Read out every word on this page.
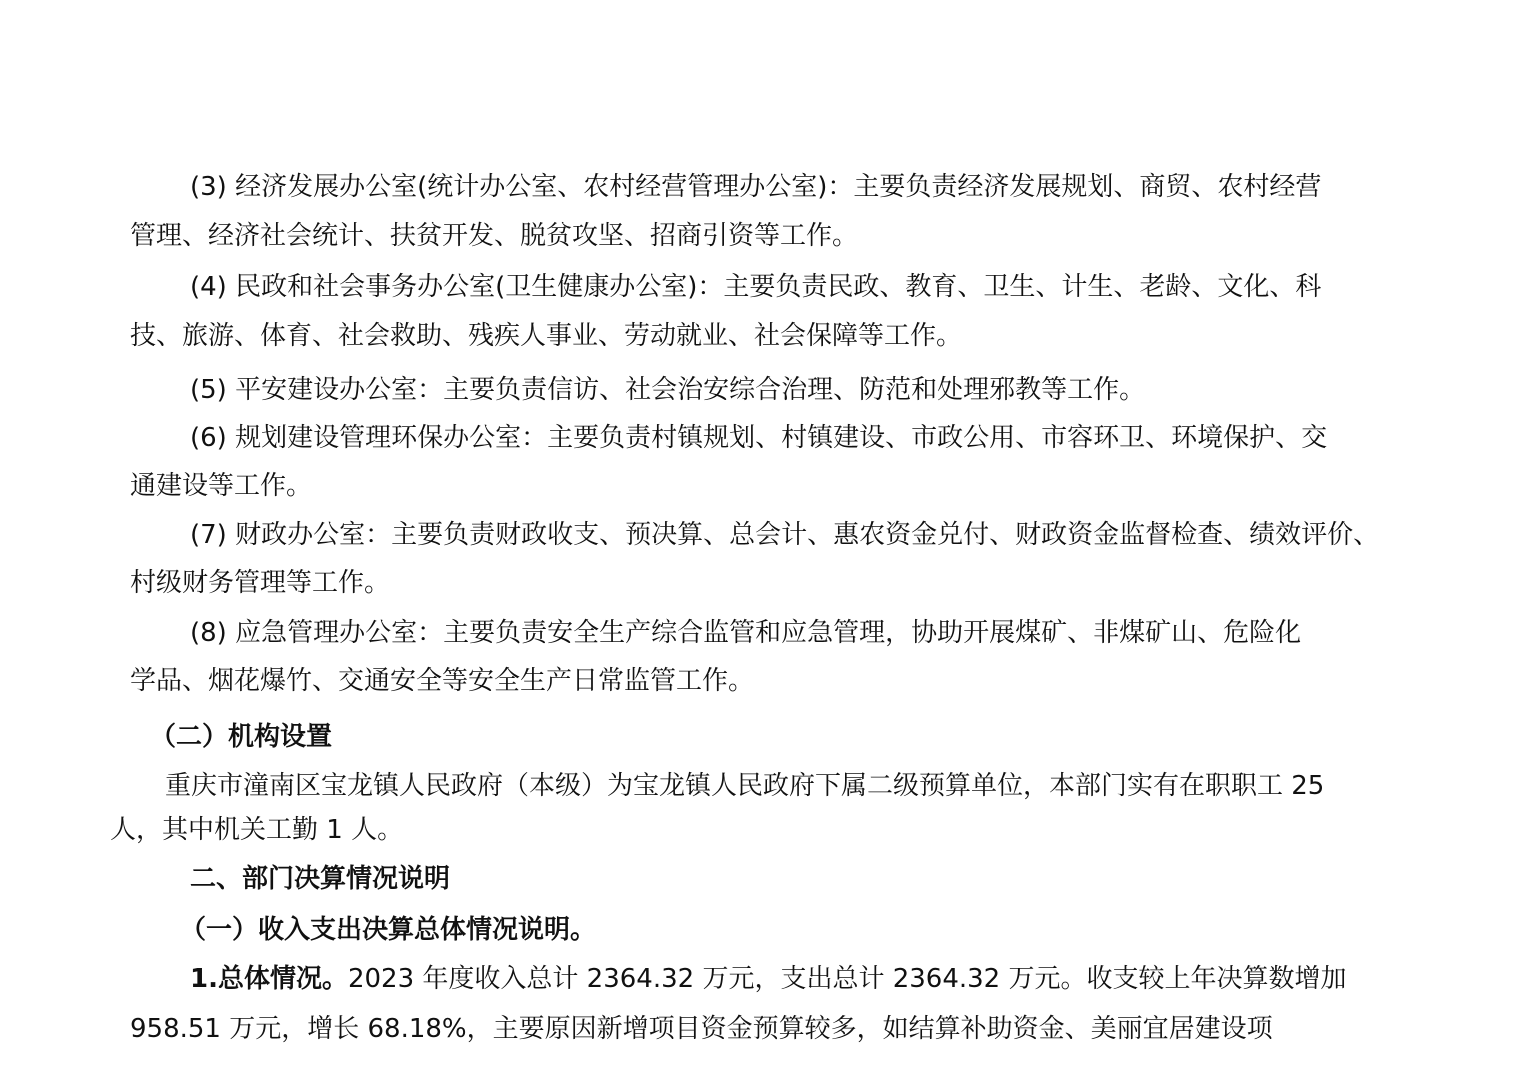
(3) 经济发展办公室(统计办公室、农村经营管理办公室)：主要负责经济发展规划、商贸、农村经营
管理、经济社会统计、扶贫开发、脱贫攻坚、招商引资等工作。
(4) 民政和社会事务办公室(卫生健康办公室)：主要负责民政、教育、卫生、计生、老龄、文化、科
技、旅游、体育、社会救助、残疾人事业、劳动就业、社会保障等工作。
(5) 平安建设办公室：主要负责信访、社会治安综合治理、防范和处理邪教等工作。
(6) 规划建设管理环保办公室：主要负责村镇规划、村镇建设、市政公用、市容环卫、环境保护、交
通建设等工作。
(7) 财政办公室：主要负责财政收支、预决算、总会计、惠农资金兑付、财政资金监督检查、绩效评价、
村级财务管理等工作。
(8) 应急管理办公室：主要负责安全生产综合监管和应急管理，协助开展煤矿、非煤矿山、危险化
学品、烟花爆竹、交通安全等安全生产日常监管工作。
（二）机构设置
重庆市潼南区宝龙镇人民政府（本级）为宝龙镇人民政府下属二级预算单位，本部门实有在职职工 25
人，其中机关工勤 1 人。
二、部门决算情况说明
（一）收入支出决算总体情况说明。
1.总体情况。2023 年度收入总计 2364.32 万元，支出总计 2364.32 万元。收支较上年决算数增加
958.51 万元，增长 68.18%，主要原因新增项目资金预算较多，如结算补助资金、美丽宜居建设项
